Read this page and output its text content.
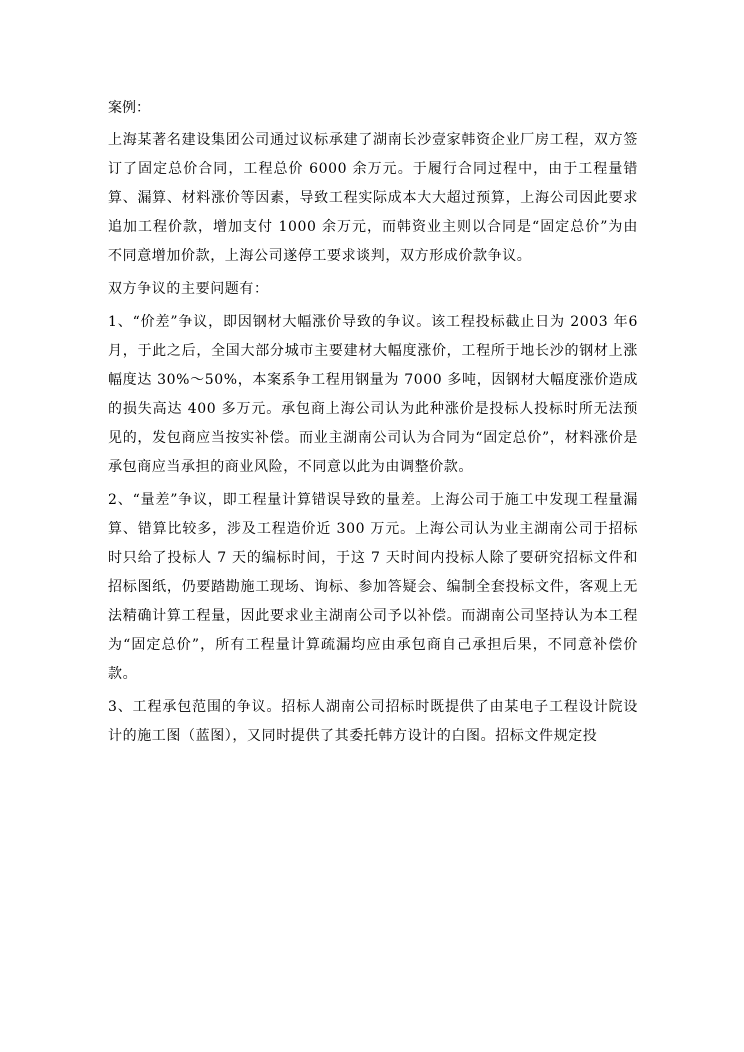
案例：

上海某著名建设集团公司通过议标承建了湖南长沙壹家韩资企业厂房工程，双方签订了固定总价合同，工程总价 6000 余万元。于履行合同过程中，由于工程量错算、漏算、材料涨价等因素，导致工程实际成本大大超过预算，上海公司因此要求追加工程价款，增加支付 1000 余万元，而韩资业主则以合同是“固定总价”为由不同意增加价款，上海公司遂停工要求谈判，双方形成价款争议。

双方争议的主要问题有：

1、“价差”争议，即因钢材大幅涨价导致的争议。该工程投标截止日为 2003 年6 月，于此之后，全国大部分城市主要建材大幅度涨价，工程所于地长沙的钢材上涨幅度达 30%～50%，本案系争工程用钢量为 7000 多吨，因钢材大幅度涨价造成的损失高达 400 多万元。承包商上海公司认为此种涨价是投标人投标时所无法预见的，发包商应当按实补偿。而业主湖南公司认为合同为“固定总价”，材料涨价是承包商应当承担的商业风险，不同意以此为由调整价款。

2、“量差”争议，即工程量计算错误导致的量差。上海公司于施工中发现工程量漏算、错算比较多，涉及工程造价近 300 万元。上海公司认为业主湖南公司于招标时只给了投标人 7 天的编标时间，于这 7 天时间内投标人除了要研究招标文件和招标图纸，仍要踏勘施工现场、询标、参加答疑会、编制全套投标文件，客观上无法精确计算工程量，因此要求业主湖南公司予以补偿。而湖南公司坚持认为本工程为“固定总价”，所有工程量计算疏漏均应由承包商自己承担后果，不同意补偿价款。

3、工程承包范围的争议。招标人湖南公司招标时既提供了由某电子工程设计院设计的施工图（蓝图），又同时提供了其委托韩方设计的白图。招标文件规定投
